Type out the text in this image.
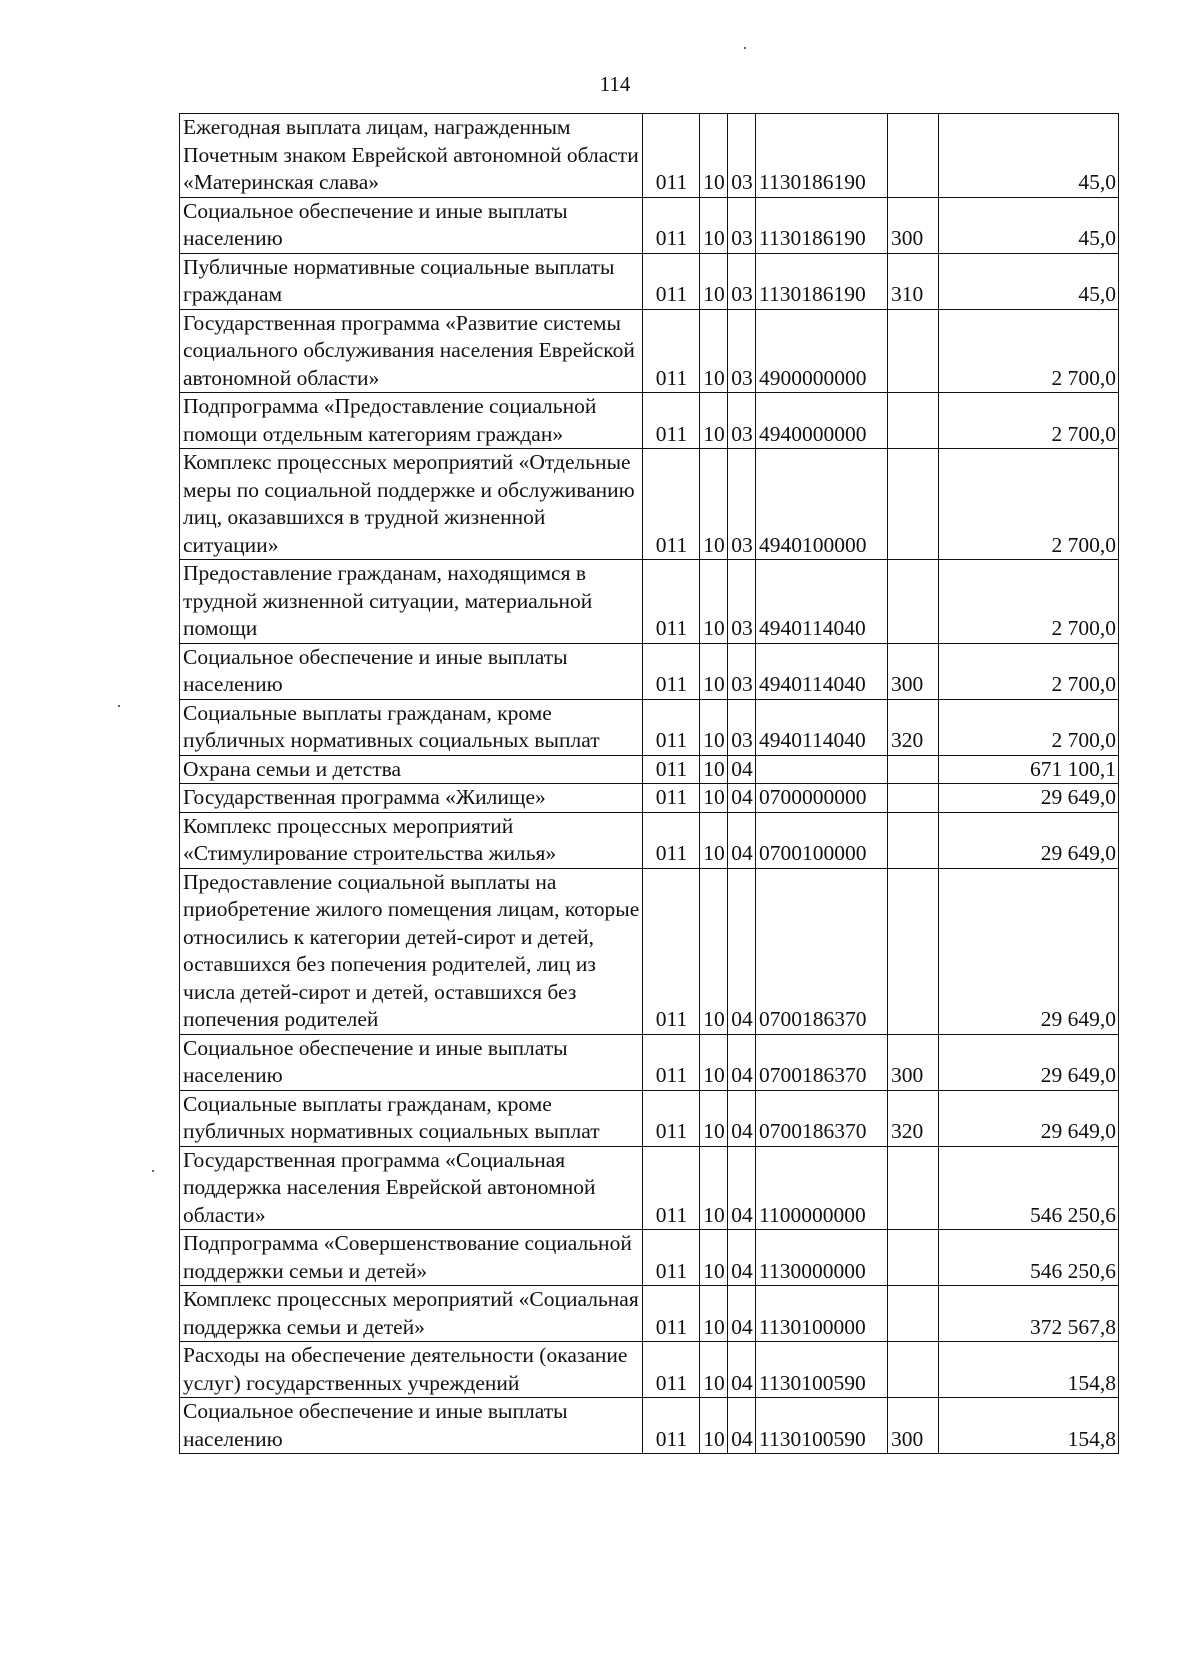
114
Ежегодная выплата лицам, награжденным Почетным знаком Еврейской автономной области «Материнская слава»	011	10	03	1130186190		45,0
Социальное обеспечение и иные выплаты населению	011	10	03	1130186190	300	45,0
Публичные нормативные социальные выплаты гражданам	011	10	03	1130186190	310	45,0
Государственная программа «Развитие системы социального обслуживания населения Еврейской автономной области»	011	10	03	4900000000		2 700,0
Подпрограмма «Предоставление социальной помощи отдельным категориям граждан»	011	10	03	4940000000		2 700,0
Комплекс процессных мероприятий «Отдельные меры по социальной поддержке и обслуживанию лиц, оказавшихся в трудной жизненной ситуации»	011	10	03	4940100000		2 700,0
Предоставление гражданам, находящимся в трудной жизненной ситуации, материальной помощи	011	10	03	4940114040		2 700,0
Социальное обеспечение и иные выплаты населению	011	10	03	4940114040	300	2 700,0
Социальные выплаты гражданам, кроме публичных нормативных социальных выплат	011	10	03	4940114040	320	2 700,0
Охрана семьи и детства	011	10	04			671 100,1
Государственная программа «Жилище»	011	10	04	0700000000		29 649,0
Комплекс процессных мероприятий «Стимулирование строительства жилья»	011	10	04	0700100000		29 649,0
Предоставление социальной выплаты на приобретение жилого помещения лицам, которые относились к категории детей-сирот и детей, оставшихся без попечения родителей, лиц из числа детей-сирот и детей, оставшихся без попечения родителей	011	10	04	0700186370		29 649,0
Социальное обеспечение и иные выплаты населению	011	10	04	0700186370	300	29 649,0
Социальные выплаты гражданам, кроме публичных нормативных социальных выплат	011	10	04	0700186370	320	29 649,0
Государственная программа «Социальная поддержка населения Еврейской автономной области»	011	10	04	1100000000		546 250,6
Подпрограмма «Совершенствование социальной поддержки семьи и детей»	011	10	04	1130000000		546 250,6
Комплекс процессных мероприятий «Социальная поддержка семьи и детей»	011	10	04	1130100000		372 567,8
Расходы на обеспечение деятельности (оказание услуг) государственных учреждений	011	10	04	1130100590		154,8
Социальное обеспечение и иные выплаты населению	011	10	04	1130100590	300	154,8
